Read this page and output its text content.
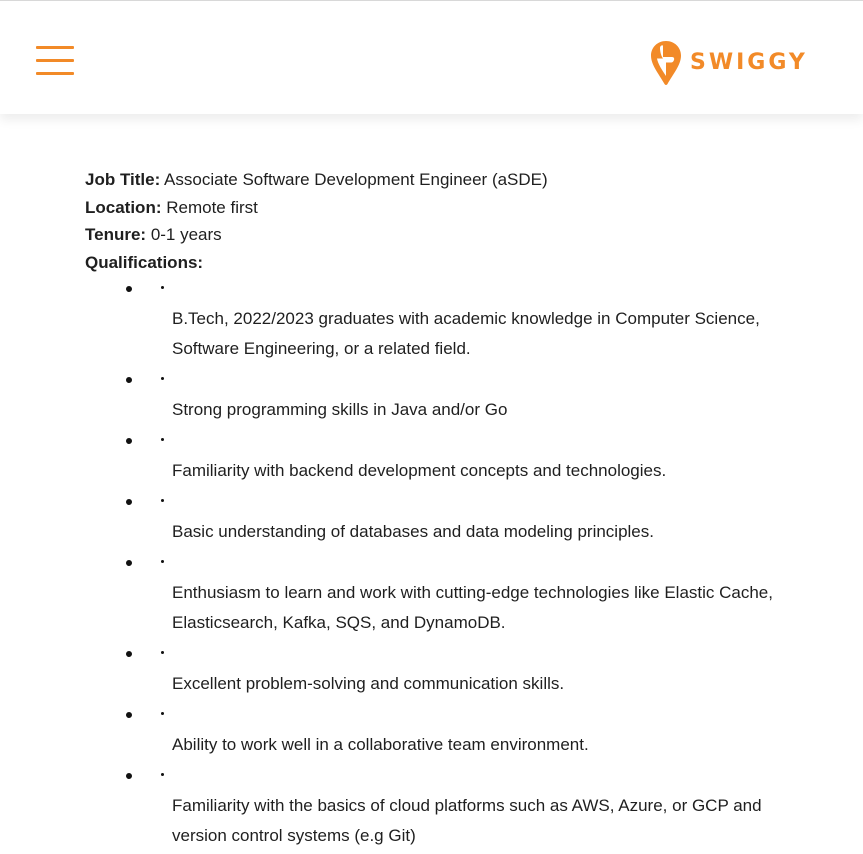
SWIGGY

Job Title: Associate Software Development Engineer (aSDE)

Location: Remote first

Tenure: 0-1 years

Qualifications:

B.Tech, 2022/2023 graduates with academic knowledge in Computer Science, Software Engineering, or a related field.
Strong programming skills in Java and/or Go
Familiarity with backend development concepts and technologies.
Basic understanding of databases and data modeling principles.
Enthusiasm to learn and work with cutting-edge technologies like Elastic Cache, Elasticsearch, Kafka, SQS, and DynamoDB.
Excellent problem-solving and communication skills.
Ability to work well in a collaborative team environment.
Familiarity with the basics of cloud platforms such as AWS, Azure, or GCP and version control systems (e.g Git)
